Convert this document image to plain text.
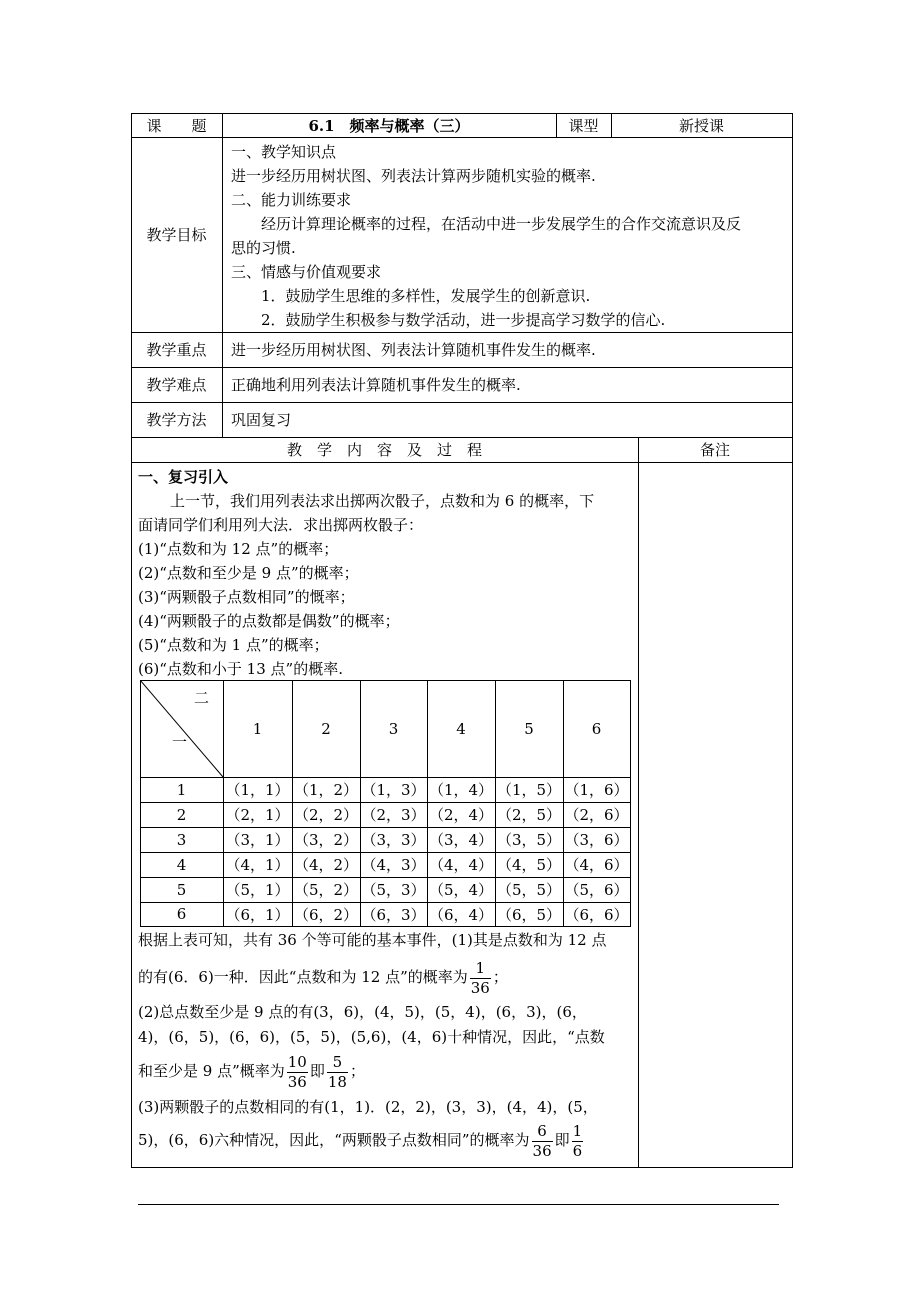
课　　题	6.1　频率与概率（三）	课型	新授课
教学目标
一、教学知识点
进一步经历用树状图、列表法计算两步随机实验的概率.
二、能力训练要求
　　经历计算理论概率的过程，在活动中进一步发展学生的合作交流意识及反
思的习惯.
三、情感与价值观要求
1．鼓励学生思维的多样性，发展学生的创新意识.
2．鼓励学生积极参与数学活动，进一步提高学习数学的信心.
教学重点	进一步经历用树状图、列表法计算随机事件发生的概率.
教学难点	正确地利用列表法计算随机事件发生的概率.
教学方法	巩固复习
教　学　内　容　及　过　程	备注
一、复习引入
上一节，我们用列表法求出掷两次骰子，点数和为 6 的概率，下
面请同学们利用列大法．求出掷两枚骰子：
(1)“点数和为 12 点”的概率；
(2)“点数和至少是 9 点”的概率；
(3)“两颗骰子点数相同”的慨率；
(4)“两颗骰子的点数都是偶数”的概率；
(5)“点数和为 1 点”的概率；
(6)“点数和小于 13 点”的概率.
二
一
1	2	3	4	5	6
1	（1，1） （1，2） （1，3） （1，4） （1，5） （1，6）
2	（2，1） （2，2） （2，3） （2，4） （2，5） （2，6）
3	（3，1） （3，2） （3，3） （3，4） （3，5） （3，6）
4	（4，1） （4，2） （4，3） （4，4） （4，5） （4，6）
5	（5，1） （5，2） （5，3） （5，4） （5，5） （5，6）
6	（6，1） （6，2） （6，3） （6，4） （6，5） （6，6）
根据上表可知，共有 36 个等可能的基本事件，(1)其是点数和为 12 点
的有(6．6)一种．因此“点数和为 12 点”的概率为 $\frac{1}{36}$ ；
(2)总点数至少是 9 点的有(3，6)，(4，5)，(5，4)，(6，3)，(6，
4)，(6，5)，(6，6)，(5，5)，(5,6)，(4，6)十种情况，因此，“点数
和至少是 9 点”概率为 $\frac{10}{36}$ 即 $\frac{5}{18}$ ；
(3)两颗骰子的点数相同的有(1，1)．(2，2)，(3，3)，(4，4)，(5，
5)，(6，6)六种情况，因此，“两颗骰子点数相同”的概率为 $\frac{6}{36}$ 即 $\frac{1}{6}$
